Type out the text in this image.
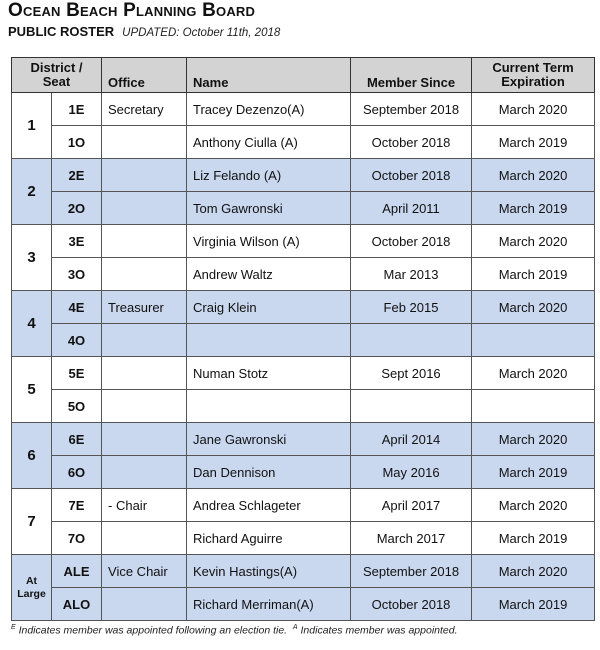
Ocean Beach Planning Board
PUBLIC ROSTER UPDATED: October 11th, 2018
District /
Seat		Office	Name	Member Since	Current Term
Expiration
1	1E	Secretary	Tracey Dezenzo(A)	September 2018	March 2020
	1O		Anthony Ciulla (A)	October 2018	March 2019
2	2E		Liz Felando (A)	October 2018	March 2020
	2O		Tom Gawronski	April 2011	March 2019
3	3E		Virginia Wilson (A)	October 2018	March 2020
	3O		Andrew Waltz	Mar 2013	March 2019
4	4E	Treasurer	Craig Klein	Feb 2015	March 2020
	4O				
5	5E		Numan Stotz	Sept 2016	March 2020
	5O				
6	6E		Jane Gawronski	April 2014	March 2020
	6O		Dan Dennison	May 2016	March 2019
7	7E	- Chair	Andrea Schlageter	April 2017	March 2020
	7O		Richard Aguirre	March 2017	March 2019
At
Large	ALE	Vice Chair	Kevin Hastings(A)	September 2018	March 2020
	ALO		Richard Merriman(A)	October 2018	March 2019
$^E$ Indicates member was appointed following an election tie. $^A$ Indicates member was appointed.
